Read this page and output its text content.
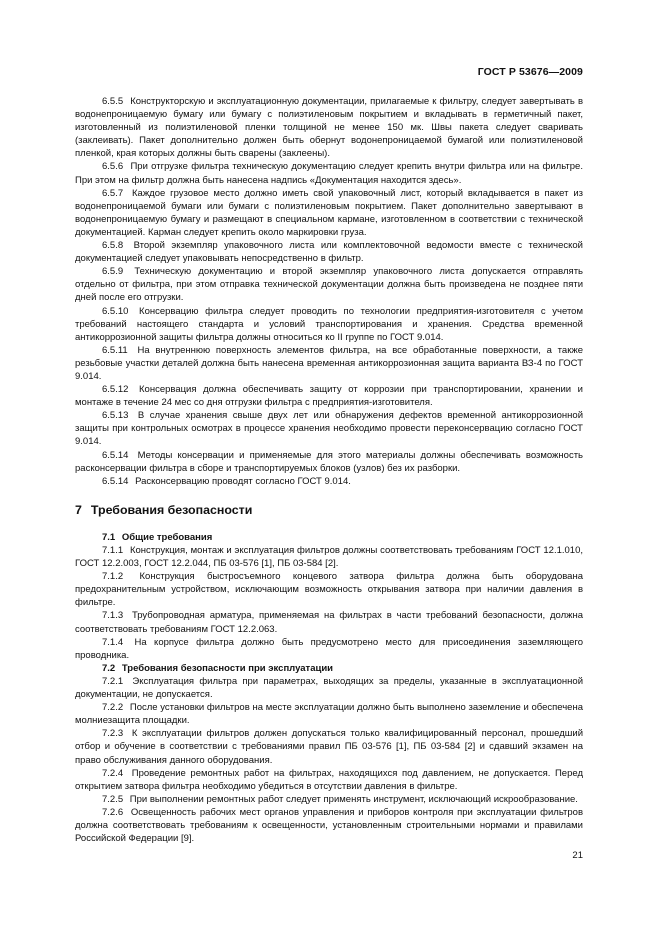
ГОСТ Р 53676—2009

6.5.5 Конструкторскую и эксплуатационную документации, прилагаемые к фильтру, следует завертывать в водонепроницаемую бумагу или бумагу с полиэтиленовым покрытием и вкладывать в герметичный пакет, изготовленный из полиэтиленовой пленки толщиной не менее 150 мк. Швы пакета следует сваривать (заклеивать). Пакет дополнительно должен быть обернут водонепроницаемой бумагой или полиэтиленовой пленкой, края которых должны быть сварены (заклеены).

6.5.6 При отгрузке фильтра техническую документацию следует крепить внутри фильтра или на фильтре. При этом на фильтр должна быть нанесена надпись «Документация находится здесь».

6.5.7 Каждое грузовое место должно иметь свой упаковочный лист, который вкладывается в пакет из водонепроницаемой бумаги или бумаги с полиэтиленовым покрытием. Пакет дополнительно завертывают в водонепроницаемую бумагу и размещают в специальном кармане, изготовленном в соответствии с технической документацией. Карман следует крепить около маркировки груза.

6.5.8 Второй экземпляр упаковочного листа или комплектовочной ведомости вместе с технической документацией следует упаковывать непосредственно в фильтр.

6.5.9 Техническую документацию и второй экземпляр упаковочного листа допускается отправлять отдельно от фильтра, при этом отправка технической документации должна быть произведена не позднее пяти дней после его отгрузки.

6.5.10 Консервацию фильтра следует проводить по технологии предприятия-изготовителя с учетом требований настоящего стандарта и условий транспортирования и хранения. Средства временной антикоррозионной защиты фильтра должны относиться ко II группе по ГОСТ 9.014.

6.5.11 На внутреннюю поверхность элементов фильтра, на все обработанные поверхности, а также резьбовые участки деталей должна быть нанесена временная антикоррозионная защита варианта ВЗ-4 по ГОСТ 9.014.

6.5.12 Консервация должна обеспечивать защиту от коррозии при транспортировании, хранении и монтаже в течение 24 мес со дня отгрузки фильтра с предприятия-изготовителя.

6.5.13 В случае хранения свыше двух лет или обнаружения дефектов временной антикоррозионной защиты при контрольных осмотрах в процессе хранения необходимо провести переконсервацию согласно ГОСТ 9.014.

6.5.14 Методы консервации и применяемые для этого материалы должны обеспечивать возможность расконсервации фильтра в сборе и транспортируемых блоков (узлов) без их разборки.

6.5.14 Расконсервацию проводят согласно ГОСТ 9.014.

7 Требования безопасности

7.1 Общие требования

7.1.1 Конструкция, монтаж и эксплуатация фильтров должны соответствовать требованиям ГОСТ 12.1.010, ГОСТ 12.2.003, ГОСТ 12.2.044, ПБ 03-576 [1], ПБ 03-584 [2].

7.1.2 Конструкция быстросъемного концевого затвора фильтра должна быть оборудована предохранительным устройством, исключающим возможность открывания затвора при наличии давления в фильтре.

7.1.3 Трубопроводная арматура, применяемая на фильтрах в части требований безопасности, должна соответствовать требованиям ГОСТ 12.2.063.

7.1.4 На корпусе фильтра должно быть предусмотрено место для присоединения заземляющего проводника.

7.2 Требования безопасности при эксплуатации

7.2.1 Эксплуатация фильтра при параметрах, выходящих за пределы, указанные в эксплуатационной документации, не допускается.

7.2.2 После установки фильтров на месте эксплуатации должно быть выполнено заземление и обеспечена молниезащита площадки.

7.2.3 К эксплуатации фильтров должен допускаться только квалифицированный персонал, прошедший отбор и обучение в соответствии с требованиями правил ПБ 03-576 [1], ПБ 03-584 [2] и сдавший экзамен на право обслуживания данного оборудования.

7.2.4 Проведение ремонтных работ на фильтрах, находящихся под давлением, не допускается. Перед открытием затвора фильтра необходимо убедиться в отсутствии давления в фильтре.

7.2.5 При выполнении ремонтных работ следует применять инструмент, исключающий искрообразование.

7.2.6 Освещенность рабочих мест органов управления и приборов контроля при эксплуатации фильтров должна соответствовать требованиям к освещенности, установленным строительными нормами и правилами Российской Федерации [9].

21
